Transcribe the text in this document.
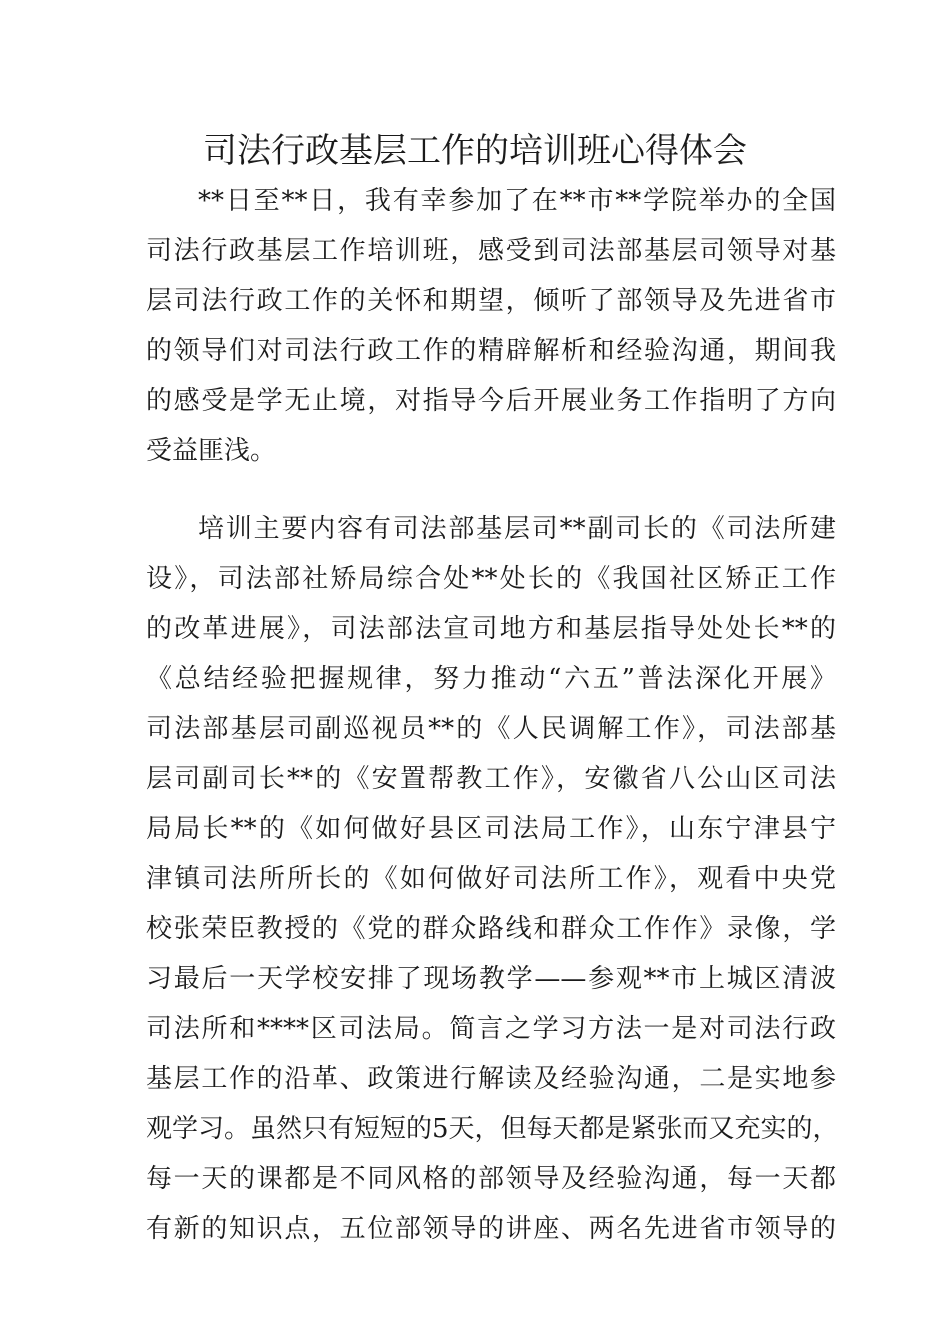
司法行政基层工作的培训班心得体会
**日至**日，我有幸参加了在**市**学院举办的全国
司法行政基层工作培训班，感受到司法部基层司领导对基
层司法行政工作的关怀和期望，倾听了部领导及先进省市
的领导们对司法行政工作的精辟解析和经验沟通，期间我
的感受是学无止境，对指导今后开展业务工作指明了方向
受益匪浅。
培训主要内容有司法部基层司**副司长的《司法所建
设》，司法部社矫局综合处**处长的《我国社区矫正工作
的改革进展》，司法部法宣司地方和基层指导处处长**的
《总结经验把握规律，努力推动“六五”普法深化开展》
司法部基层司副巡视员**的《人民调解工作》，司法部基
层司副司长**的《安置帮教工作》，安徽省八公山区司法
局局长**的《如何做好县区司法局工作》，山东宁津县宁
津镇司法所所长的《如何做好司法所工作》，观看中央党
校张荣臣教授的《党的群众路线和群众工作作》录像，学
习最后一天学校安排了现场教学——参观**市上城区清波
司法所和****区司法局。简言之学习方法一是对司法行政
基层工作的沿革、政策进行解读及经验沟通，二是实地参
观学习。虽然只有短短的5天，但每天都是紧张而又充实的，
每一天的课都是不同风格的部领导及经验沟通，每一天都
有新的知识点，五位部领导的讲座、两名先进省市领导的
